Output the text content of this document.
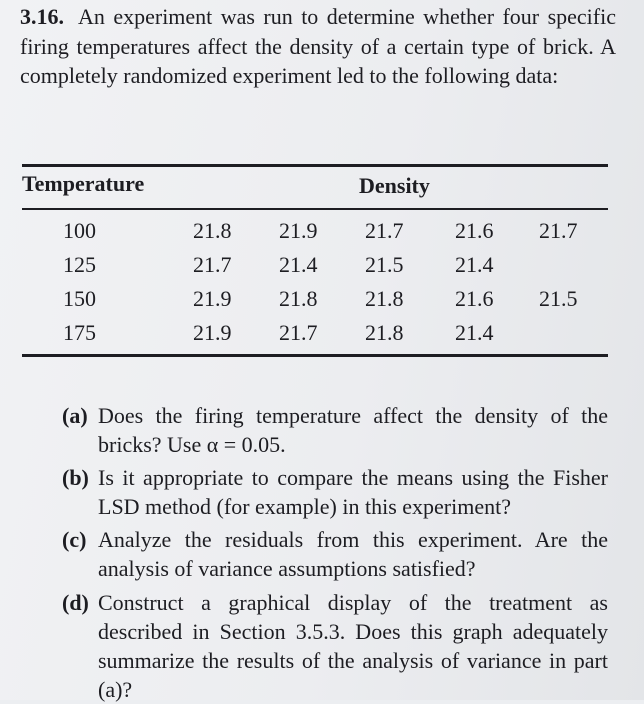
3.16. An experiment was run to determine whether four specific firing temperatures affect the density of a certain type of brick. A completely randomized experiment led to the following data:
Temperature	Density
100	21.8 21.9 21.7 21.6 21.7
125	21.7 21.4 21.5 21.4
150	21.9 21.8 21.8 21.6 21.5
175	21.9 21.7 21.8 21.4
(a) Does the firing temperature affect the density of the bricks? Use α = 0.05.
(b) Is it appropriate to compare the means using the Fisher LSD method (for example) in this experiment?
(c) Analyze the residuals from this experiment. Are the analysis of variance assumptions satisfied?
(d) Construct a graphical display of the treatment as described in Section 3.5.3. Does this graph adequately summarize the results of the analysis of variance in part (a)?
